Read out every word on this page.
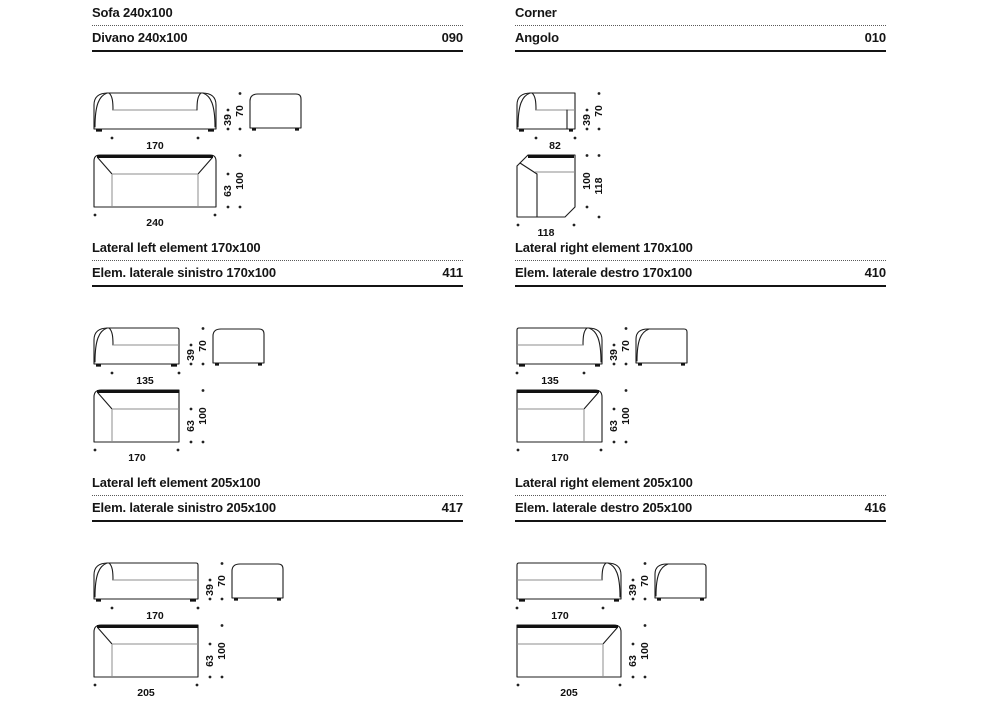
Sofa 240x100
Divano 240x100	090
170
39
70
240
63
100
Corner
Angolo	010
82
39
70
118
100 118
Lateral left element 170x100
Elem. laterale sinistro 170x100	411
135
39
70
170
63
100
Lateral right element 170x100
Elem. laterale destro 170x100	410
135
39
70
170
63
100
Lateral left element 205x100
Elem. laterale sinistro 205x100	417
170
39
70
205
63
100
Lateral right element 205x100
Elem. laterale destro 205x100	416
170
39
70
205
63
100
